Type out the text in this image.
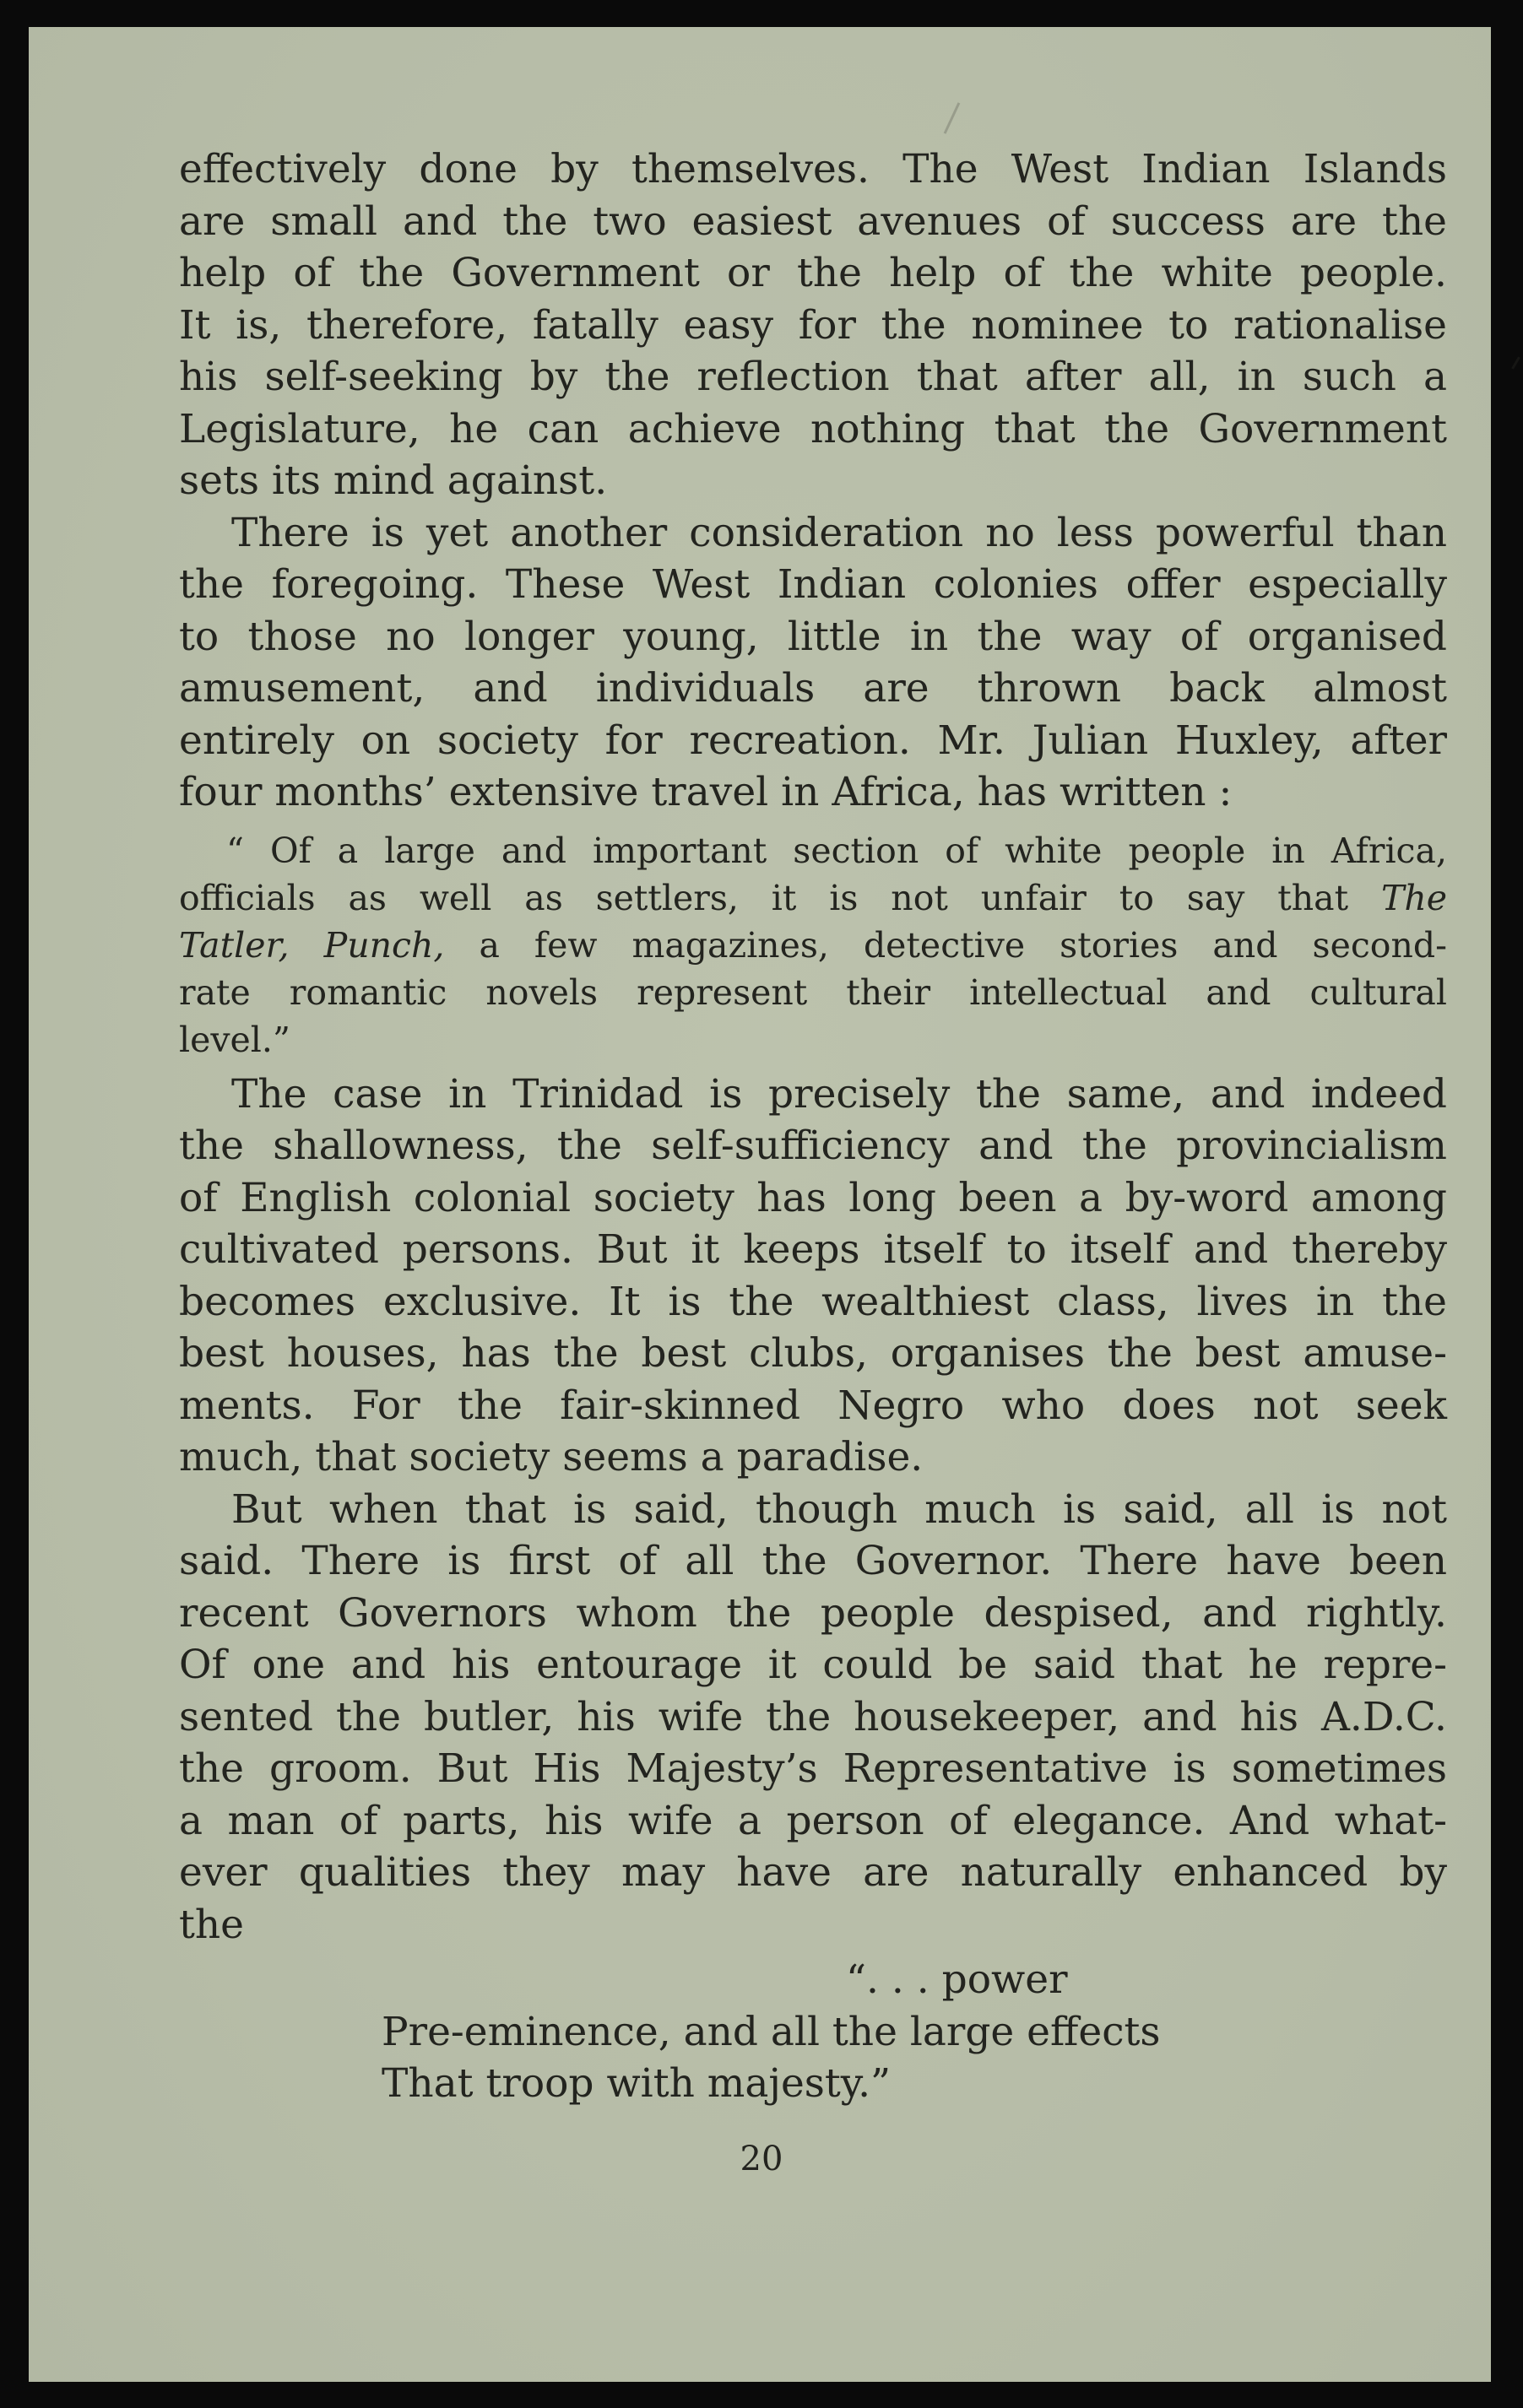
effectively done by themselves. The West Indian Islands
are small and the two easiest avenues of success are the
help of the Government or the help of the white people.
It is, therefore, fatally easy for the nominee to rationalise
his self-seeking by the reflection that after all, in such a
Legislature, he can achieve nothing that the Government
sets its mind against.
There is yet another consideration no less powerful than
the foregoing. These West Indian colonies offer especially
to those no longer young, little in the way of organised
amusement, and individuals are thrown back almost
entirely on society for recreation. Mr. Julian Huxley, after
four months’ extensive travel in Africa, has written :
“ Of a large and important section of white people in Africa,
officials as well as settlers, it is not unfair to say that The
Tatler, Punch, a few magazines, detective stories and second-
rate romantic novels represent their intellectual and cultural
level.”
The case in Trinidad is precisely the same, and indeed
the shallowness, the self-sufficiency and the provincialism
of English colonial society has long been a by-word among
cultivated persons. But it keeps itself to itself and thereby
becomes exclusive. It is the wealthiest class, lives in the
best houses, has the best clubs, organises the best amuse-
ments. For the fair-skinned Negro who does not seek
much, that society seems a paradise.
But when that is said, though much is said, all is not
said. There is first of all the Governor. There have been
recent Governors whom the people despised, and rightly.
Of one and his entourage it could be said that he repre-
sented the butler, his wife the housekeeper, and his A.D.C.
the groom. But His Majesty’s Representative is sometimes
a man of parts, his wife a person of elegance. And what-
ever qualities they may have are naturally enhanced by
the
“. . . power
Pre-eminence, and all the large effects
That troop with majesty.”
20
